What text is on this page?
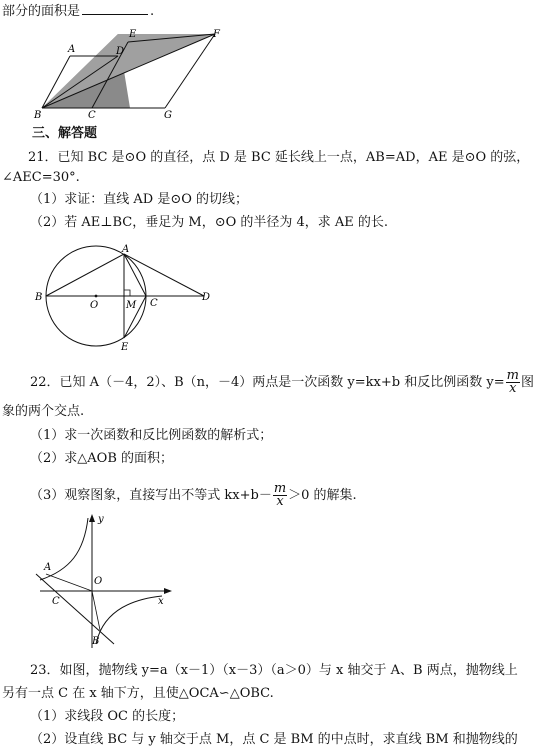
部分的面积是	.
A	D
E	F
B	C	G
三、解答题
21．已知 BC 是⊙O 的直径，点 D 是 BC 延长线上一点，AB=AD，AE 是⊙O 的弦，
∠AEC=30°.
（1）求证：直线 AD 是⊙O 的切线；
（2）若 AE⊥BC，垂足为 M，⊙O 的半径为 4，求 AE 的长.
A
B
O	M C
D
E
22．已知 A（－4，2）、B（n，－4）两点是一次函数 y=kx+b 和反比例函数 $y= \frac{m}{x}$ 图
象的两个交点.
（1）求一次函数和反比例函数的解析式；
（2）求△AOB 的面积；
（3）观察图象，直接写出不等式 $kx+b- \frac{m}{x} >0$ 的解集.
y
A
O
C	x
B
23．如图，抛物线 y=a（x－1）（x－3）（a＞0）与 x 轴交于 A、B 两点，抛物线上
另有一点 C 在 x 轴下方，且使△OCA∽△OBC.
（1）求线段 OC 的长度；
（2）设直线 BC 与 y 轴交于点 M，点 C 是 BM 的中点时，求直线 BM 和抛物线的
